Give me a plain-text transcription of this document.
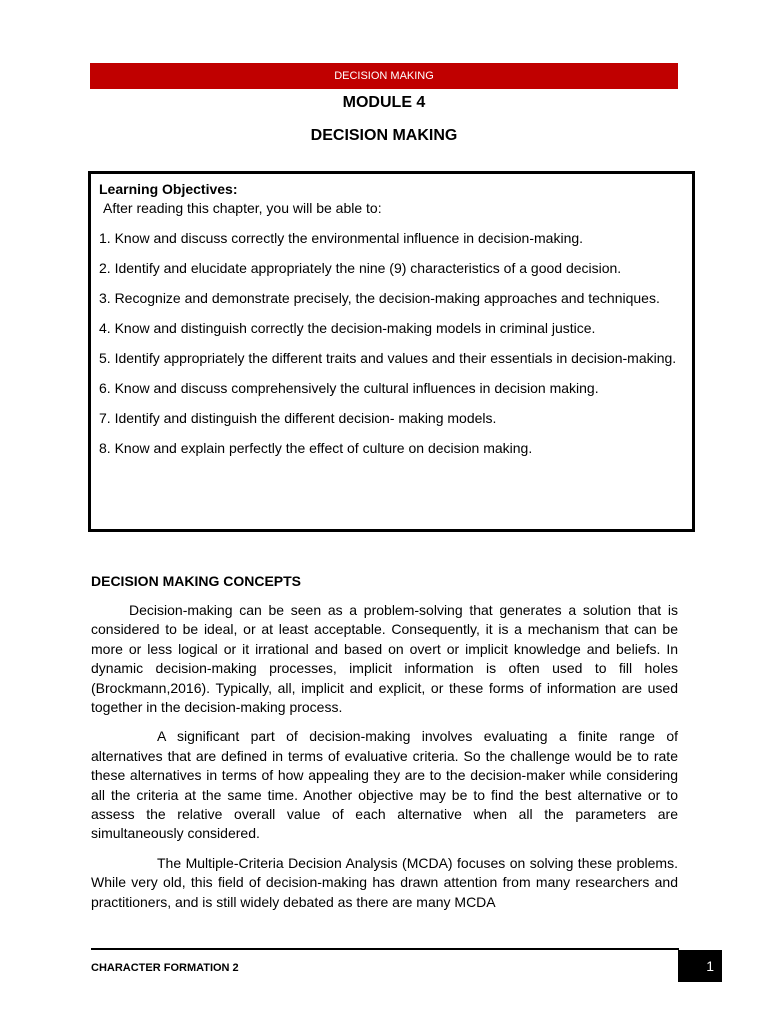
DECISION MAKING
MODULE 4
DECISION MAKING
Learning Objectives:
After reading this chapter, you will be able to:
1. Know and discuss correctly the environmental influence in decision-making.
2. Identify and elucidate appropriately the nine (9) characteristics of a good decision.
3. Recognize and demonstrate precisely, the decision-making approaches and techniques.
4. Know and distinguish correctly the decision-making models in criminal justice.
5. Identify appropriately the different traits and values and their essentials in decision-making.
6. Know and discuss comprehensively the cultural influences in decision making.
7. Identify and distinguish the different decision- making models.
8. Know and explain perfectly the effect of culture on decision making.
DECISION MAKING CONCEPTS

Decision-making can be seen as a problem-solving that generates a solution that is considered to be ideal, or at least acceptable. Consequently, it is a mechanism that can be more or less logical or it irrational and based on overt or implicit knowledge and beliefs. In dynamic decision-making processes, implicit information is often used to fill holes (Brockmann,2016). Typically, all, implicit and explicit, or these forms of information are used together in the decision-making process.

A significant part of decision-making involves evaluating a finite range of alternatives that are defined in terms of evaluative criteria. So the challenge would be to rate these alternatives in terms of how appealing they are to the decision-maker while considering all the criteria at the same time. Another objective may be to find the best alternative or to assess the relative overall value of each alternative when all the parameters are simultaneously considered.

The Multiple-Criteria Decision Analysis (MCDA) focuses on solving these problems. While very old, this field of decision-making has drawn attention from many researchers and practitioners, and is still widely debated as there are many MCDA

CHARACTER FORMATION 2	1
